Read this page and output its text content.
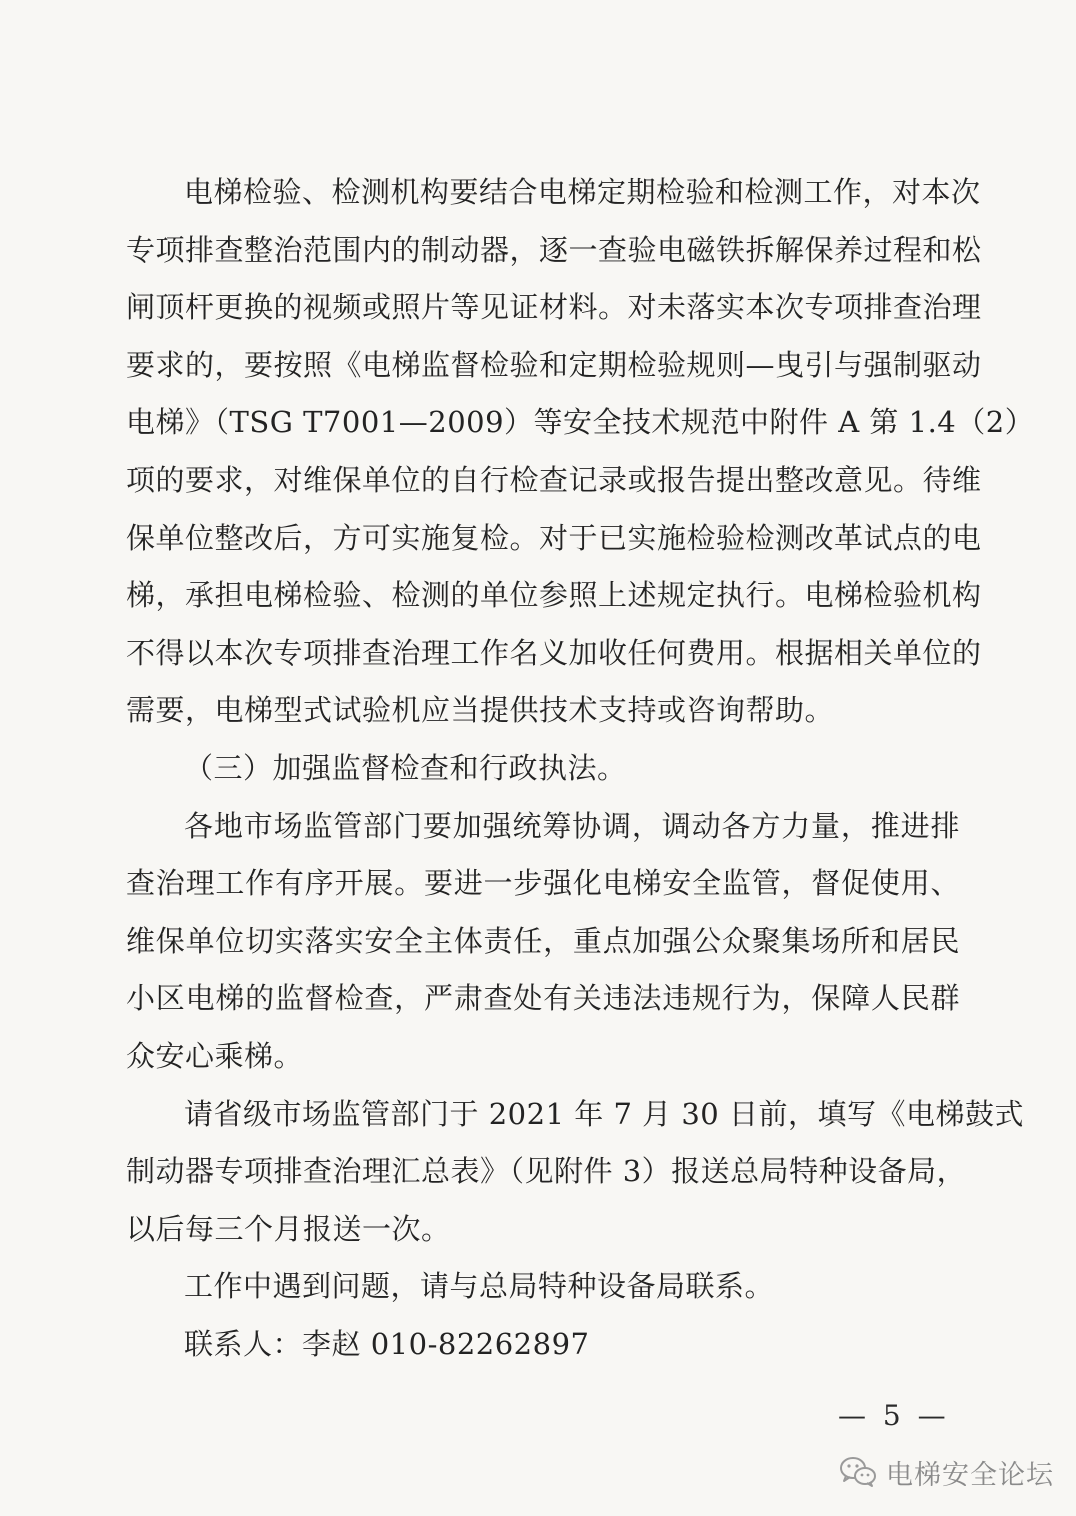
电梯检验、检测机构要结合电梯定期检验和检测工作，对本次
专项排查整治范围内的制动器，逐一查验电磁铁拆解保养过程和松
闸顶杆更换的视频或照片等见证材料。对未落实本次专项排查治理
要求的，要按照《电梯监督检验和定期检验规则—曳引与强制驱动
电梯》（TSG T7001—2009）等安全技术规范中附件 A 第 1.4（2）
项的要求，对维保单位的自行检查记录或报告提出整改意见。待维
保单位整改后，方可实施复检。对于已实施检验检测改革试点的电
梯，承担电梯检验、检测的单位参照上述规定执行。电梯检验机构
不得以本次专项排查治理工作名义加收任何费用。根据相关单位的
需要，电梯型式试验机应当提供技术支持或咨询帮助。
（三）加强监督检查和行政执法。
各地市场监管部门要加强统筹协调，调动各方力量，推进排
查治理工作有序开展。要进一步强化电梯安全监管，督促使用、
维保单位切实落实安全主体责任，重点加强公众聚集场所和居民
小区电梯的监督检查，严肃查处有关违法违规行为，保障人民群
众安心乘梯。
请省级市场监管部门于 2021 年 7 月 30 日前，填写《电梯鼓式
制动器专项排查治理汇总表》（见附件 3）报送总局特种设备局，
以后每三个月报送一次。
工作中遇到问题，请与总局特种设备局联系。
联系人：李赵 010-82262897
— 5 —
电梯安全论坛
